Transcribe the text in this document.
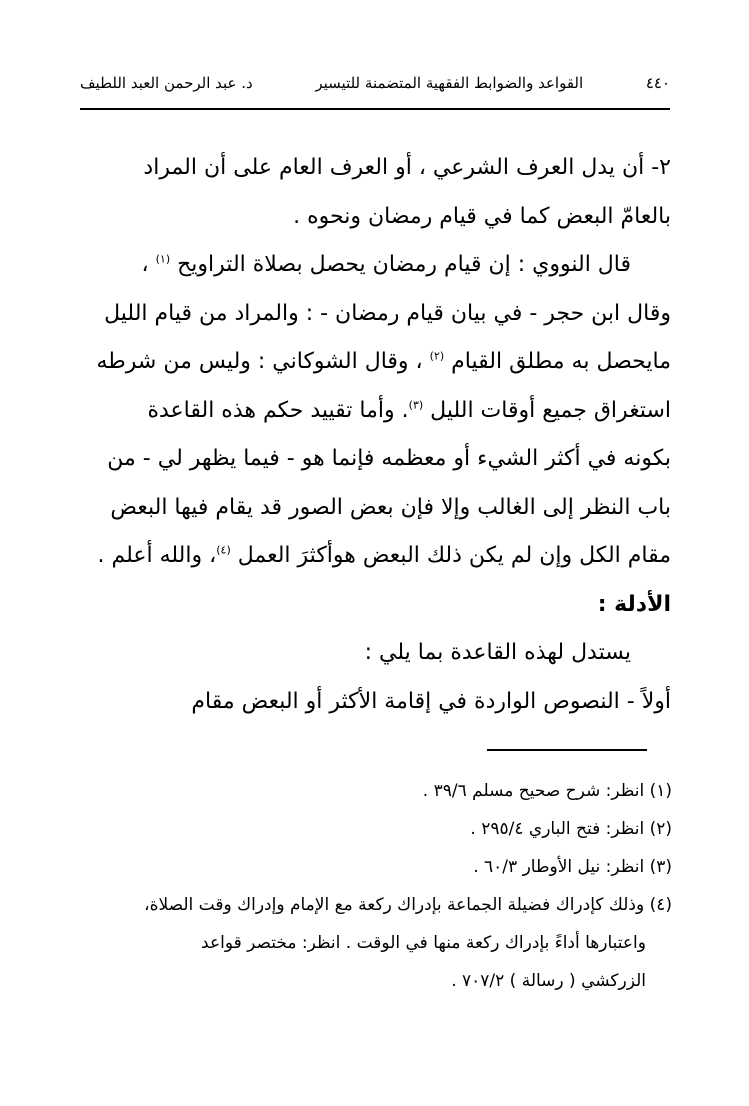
٤٤٠
القواعد والضوابط الفقهية المتضمنة للتيسير
د. عبد الرحمن العبد اللطيف
٢- أن يدل العرف الشرعي ، أو العرف العام على أن المراد
بالعامّ البعض كما في قيام رمضان ونحوه .
قال النووي : إن قيام رمضان يحصل بصلاة التراويح $^{(١)}$ ،
وقال ابن حجر - في بيان قيام رمضان - : والمراد من قيام الليل
مايحصل به مطلق القيام $^{(٢)}$ ، وقال الشوكاني : وليس من شرطه
استغراق جميع أوقات الليل $^{(٣)}$. وأما تقييد حكم هذه القاعدة
بكونه في أكثر الشيء أو معظمه فإنما هو - فيما يظهر لي - من
باب النظر إلى الغالب وإلا فإن بعض الصور قد يقام فيها البعض
مقام الكل وإن لم يكن ذلك البعض هوأكثرَ العمل $^{(٤)}$، والله أعلم .
الأدلة :
يستدل لهذه القاعدة بما يلي :
أولاً - النصوص الواردة في إقامة الأكثر أو البعض مقام
(١) انظر: شرح صحيح مسلم ٣٩/٦ .
(٢) انظر: فتح الباري ٢٩٥/٤ .
(٣) انظر: نيل الأوطار ٦٠/٣ .
(٤) وذلك كإدراك فضيلة الجماعة بإدراك ركعة مع الإمام وإدراك وقت الصلاة،
واعتبارها أداءً بإدراك ركعة منها في الوقت . انظر: مختصر قواعد
الزركشي ( رسالة ) ٧٠٧/٢ .
